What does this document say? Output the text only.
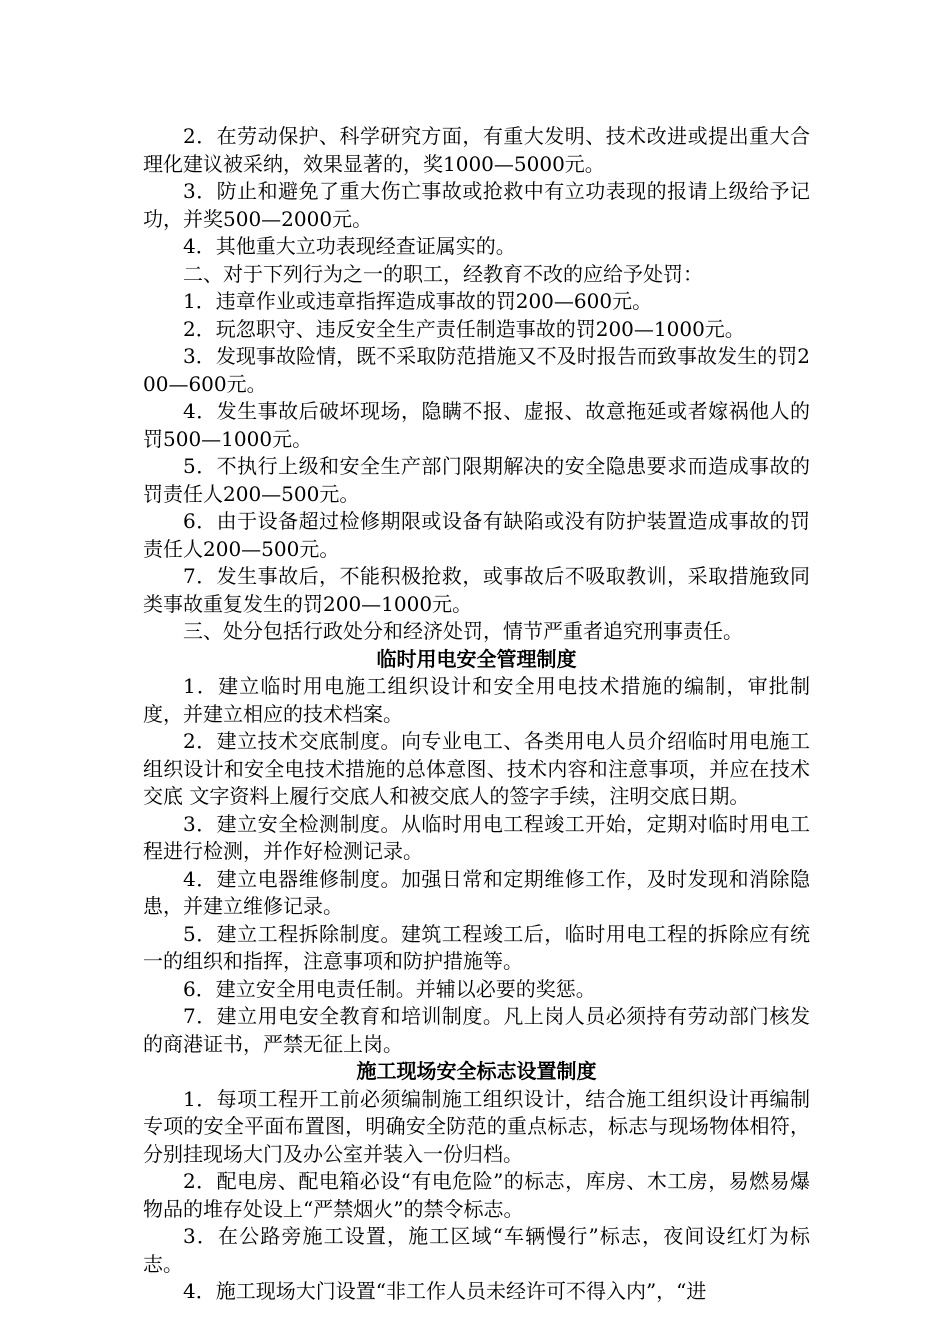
2．在劳动保护、科学研究方面，有重大发明、技术改进或提出重大合理化建议被采纳，效果显著的，奖1000—5000元。

3．防止和避免了重大伤亡事故或抢救中有立功表现的报请上级给予记功，并奖500—2000元。

4．其他重大立功表现经查证属实的。

二、对于下列行为之一的职工，经教育不改的应给予处罚：

1．违章作业或违章指挥造成事故的罚200—600元。

2．玩忽职守、违反安全生产责任制造事故的罚200—1000元。

3．发现事故险情，既不采取防范措施又不及时报告而致事故发生的罚200—600元。

4．发生事故后破坏现场，隐瞒不报、虚报、故意拖延或者嫁祸他人的罚500—1000元。

5．不执行上级和安全生产部门限期解决的安全隐患要求而造成事故的罚责任人200—500元。

6．由于设备超过检修期限或设备有缺陷或没有防护装置造成事故的罚责任人200—500元。

7．发生事故后，不能积极抢救，或事故后不吸取教训，采取措施致同类事故重复发生的罚200—1000元。

三、处分包括行政处分和经济处罚，情节严重者追究刑事责任。

临时用电安全管理制度

1．建立临时用电施工组织设计和安全用电技术措施的编制，审批制度，并建立相应的技术档案。

2．建立技术交底制度。向专业电工、各类用电人员介绍临时用电施工组织设计和安全电技术措施的总体意图、技术内容和注意事项，并应在技术交底 文字资料上履行交底人和被交底人的签字手续，注明交底日期。

3．建立安全检测制度。从临时用电工程竣工开始，定期对临时用电工程进行检测，并作好检测记录。

4．建立电器维修制度。加强日常和定期维修工作，及时发现和消除隐患，并建立维修记录。

5．建立工程拆除制度。建筑工程竣工后，临时用电工程的拆除应有统一的组织和指挥，注意事项和防护措施等。

6．建立安全用电责任制。并辅以必要的奖惩。

7．建立用电安全教育和培训制度。凡上岗人员必须持有劳动部门核发的商港证书，严禁无征上岗。

施工现场安全标志设置制度

1．每项工程开工前必须编制施工组织设计，结合施工组织设计再编制专项的安全平面布置图，明确安全防范的重点标志，标志与现场物体相符，分别挂现场大门及办公室并装入一份归档。

2．配电房、配电箱必设“有电危险”的标志，库房、木工房，易燃易爆物品的堆存处设上“严禁烟火”的禁令标志。

3．在公路旁施工设置，施工区域“车辆慢行”标志，夜间设红灯为标志。

4．施工现场大门设置“非工作人员未经许可不得入内”，“进
